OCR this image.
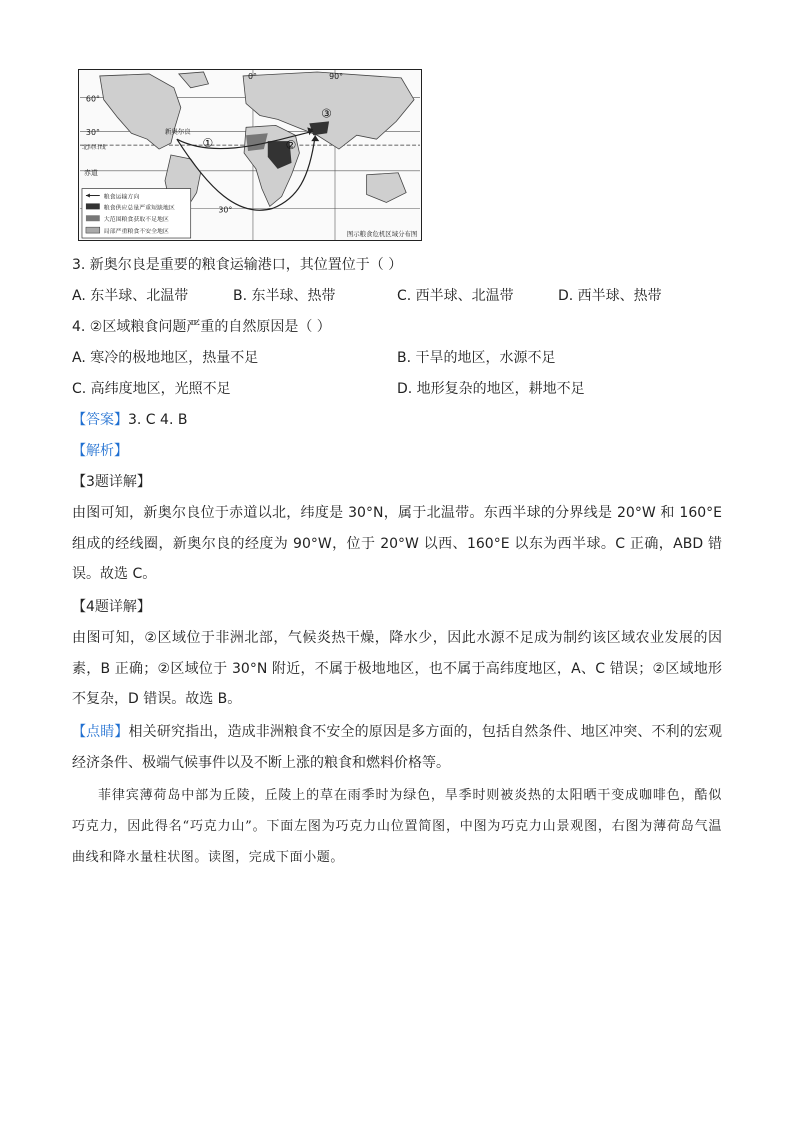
60°
30°
北回归线
赤道
30°
0°	90°
新奥尔良
①	②
③
粮食运输方向
粮食供应总量严重短缺地区
大范围粮食获取不足地区
局部严重粮食不安全地区	图示粮食危机区域分布图
3. 新奥尔良是重要的粮食运输港口，其位置位于（ ）
A. 东半球、北温带	B. 东半球、热带	C. 西半球、北温带	D. 西半球、热带
4. ②区域粮食问题严重的自然原因是（ ）
A. 寒冷的极地地区，热量不足	B. 干旱的地区，水源不足
C. 高纬度地区，光照不足	D. 地形复杂的地区，耕地不足
【答案】3. C 4. B
【解析】
【3题详解】
由图可知，新奥尔良位于赤道以北，纬度是 30°N，属于北温带。东西半球的分界线是 20°W 和 160°E 组成的经线圈，新奥尔良的经度为 90°W，位于 20°W 以西、160°E 以东为西半球。C 正确，ABD 错误。故选 C。
【4题详解】
由图可知，②区域位于非洲北部，气候炎热干燥，降水少，因此水源不足成为制约该区域农业发展的因素，B 正确；②区域位于 30°N 附近，不属于极地地区，也不属于高纬度地区，A、C 错误；②区域地形不复杂，D 错误。故选 B。
【点睛】相关研究指出，造成非洲粮食不安全的原因是多方面的，包括自然条件、地区冲突、不利的宏观经济条件、极端气候事件以及不断上涨的粮食和燃料价格等。
菲律宾薄荷岛中部为丘陵，丘陵上的草在雨季时为绿色，旱季时则被炎热的太阳晒干变成咖啡色，酷似巧克力，因此得名“巧克力山”。下面左图为巧克力山位置简图，中图为巧克力山景观图，右图为薄荷岛气温曲线和降水量柱状图。读图，完成下面小题。
